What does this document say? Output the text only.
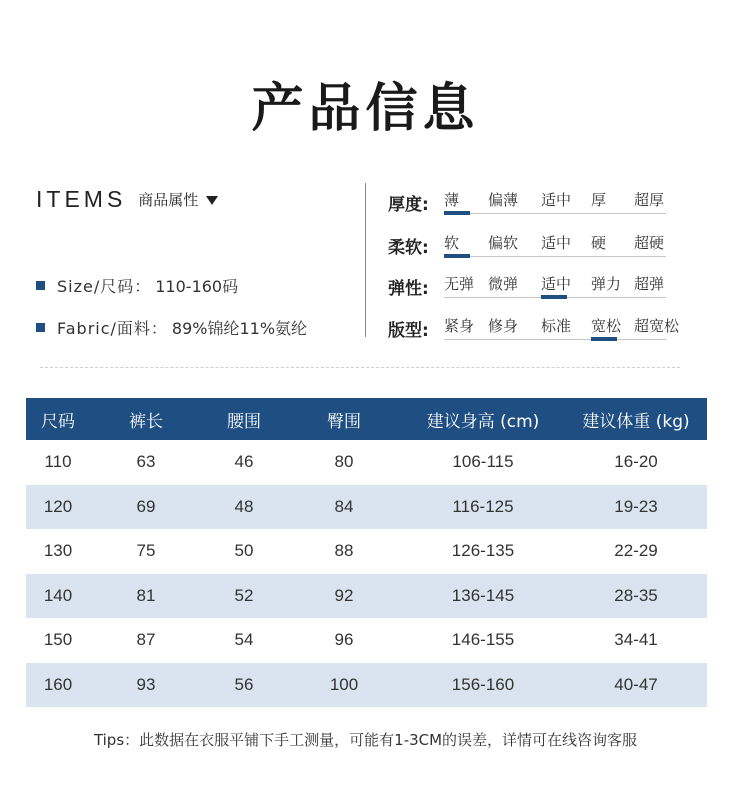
产品信息
ITEMS 商品属性
Size/尺码： 110-160码
Fabric/面料： 89%锦纶11%氨纶
厚度: 薄 偏薄 适中 厚 超厚
柔软: 软 偏软 适中 硬 超硬
弹性: 无弹 微弹 适中 弹力 超弹
版型: 紧身 修身 标准 宽松 超宽松
尺码	裤长	腰围	臀围	建议身高 (cm)	建议体重 (kg)
110	63	46	80	106-115	16-20
120	69	48	84	116-125	19-23
130	75	50	88	126-135	22-29
140	81	52	92	136-145	28-35
150	87	54	96	146-155	34-41
160	93	56	100	156-160	40-47
Tips：此数据在衣服平铺下手工测量，可能有1-3CM的误差，详情可在线咨询客服
